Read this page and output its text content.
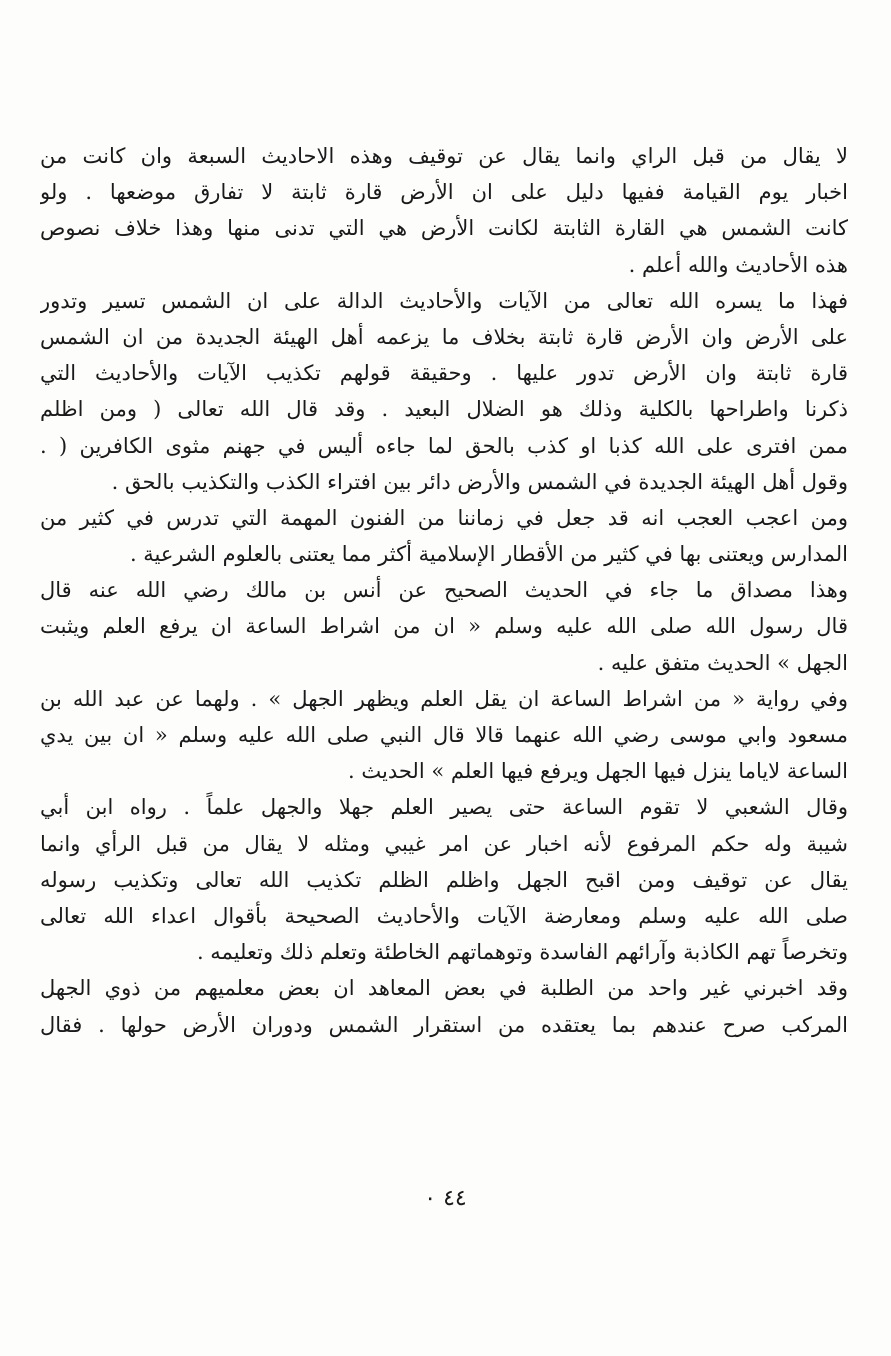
لا يقال من قبل الراي وانما يقال عن توقيف وهذه الاحاديث السبعة وان كانت من
اخبار يوم القيامة ففيها دليل على ان الأرض قارة ثابتة لا تفارق موضعها . ولو
كانت الشمس هي القارة الثابتة لكانت الأرض هي التي تدنى منها وهذا خلاف نصوص
هذه الأحاديث والله أعلم .
فهذا ما يسره الله تعالى من الآيات والأحاديث الدالة على ان الشمس تسير وتدور
على الأرض وان الأرض قارة ثابتة بخلاف ما يزعمه أهل الهيئة الجديدة من ان الشمس
قارة ثابتة وان الأرض تدور عليها . وحقيقة قولهم تكذيب الآيات والأحاديث التي
ذكرنا واطراحها بالكلية وذلك هو الضلال البعيد . وقد قال الله تعالى ( ومن اظلم
ممن افترى على الله كذبا او كذب بالحق لما جاءه أليس في جهنم مثوى الكافرين ( .
وقول أهل الهيئة الجديدة في الشمس والأرض دائر بين افتراء الكذب والتكذيب بالحق .
ومن اعجب العجب انه قد جعل في زماننا من الفنون المهمة التي تدرس في كثير من
المدارس ويعتنى بها في كثير من الأقطار الإسلامية أكثر مما يعتنى بالعلوم الشرعية .
وهذا مصداق ما جاء في الحديث الصحيح عن أنس بن مالك رضي الله عنه قال
قال رسول الله صلى الله عليه وسلم « ان من اشراط الساعة ان يرفع العلم ويثبت
الجهل » الحديث متفق عليه .
وفي رواية « من اشراط الساعة ان يقل العلم ويظهر الجهل » . ولهما عن عبد الله بن
مسعود وابي موسى رضي الله عنهما قالا قال النبي صلى الله عليه وسلم « ان بين يدي
الساعة لاياما ينزل فيها الجهل ويرفع فيها العلم » الحديث .
وقال الشعبي لا تقوم الساعة حتى يصير العلم جهلا والجهل علماً . رواه ابن أبي
شيبة وله حكم المرفوع لأنه اخبار عن امر غيبي ومثله لا يقال من قبل الرأي وانما
يقال عن توقيف ومن اقبح الجهل واظلم الظلم تكذيب الله تعالى وتكذيب رسوله
صلى الله عليه وسلم ومعارضة الآيات والأحاديث الصحيحة بأقوال اعداء الله تعالى
وتخرصاً تهم الكاذبة وآرائهم الفاسدة وتوهماتهم الخاطئة وتعلم ذلك وتعليمه .
وقد اخبرني غير واحد من الطلبة في بعض المعاهد ان بعض معلميهم من ذوي الجهل
المركب صرح عندهم بما يعتقده من استقرار الشمس ودوران الأرض حولها . فقال
٤٤ ٠
